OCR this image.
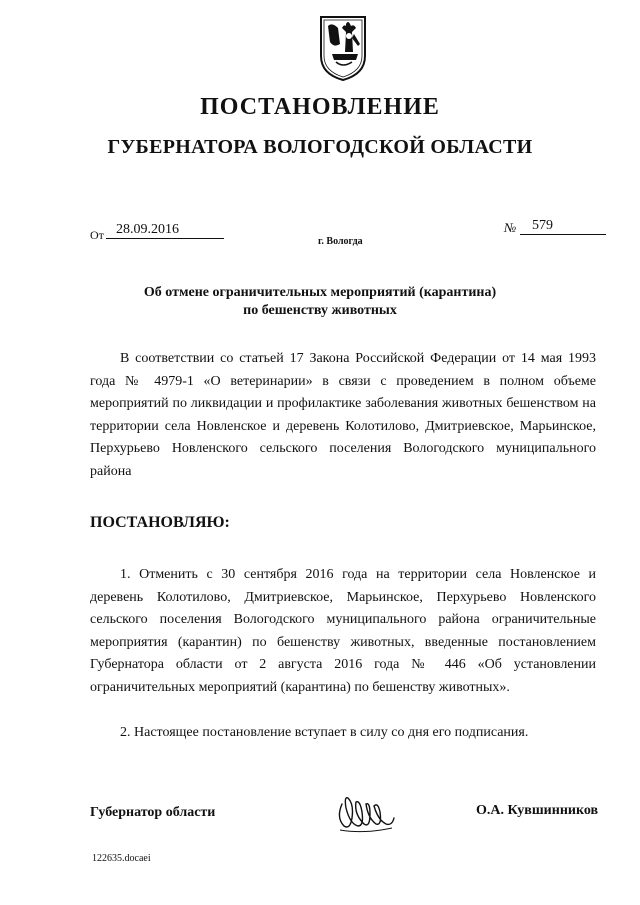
ПОСТАНОВЛЕНИЕ
ГУБЕРНАТОРА ВОЛОГОДСКОЙ ОБЛАСТИ
От 28.09.2016
г. Вологда
№	579
Об отмене ограничительных мероприятий (карантина)
по бешенству животных
В соответствии со статьей 17 Закона Российской Федерации от 14 мая 1993 года № 4979-1 «О ветеринарии» в связи с проведением в полном объеме мероприятий по ликвидации и профилактике заболевания животных бешенством на территории села Новленское и деревень Колотилово, Дмитриевское, Марьинское, Перхурьево Новленского сельского поселения Вологодского муниципального района
ПОСТАНОВЛЯЮ:
1. Отменить с 30 сентября 2016 года на территории села Новленское и деревень Колотилово, Дмитриевское, Марьинское, Перхурьево Новленского сельского поселения Вологодского муниципального района ограничительные мероприятия (карантин) по бешенству животных, введенные постановлением Губернатора области от 2 августа 2016 года № 446 «Об установлении ограничительных мероприятий (карантина) по бешенству животных».
2. Настоящее постановление вступает в силу со дня его подписания.
Губернатор области	О.А. Кувшинников
122635.docaei
